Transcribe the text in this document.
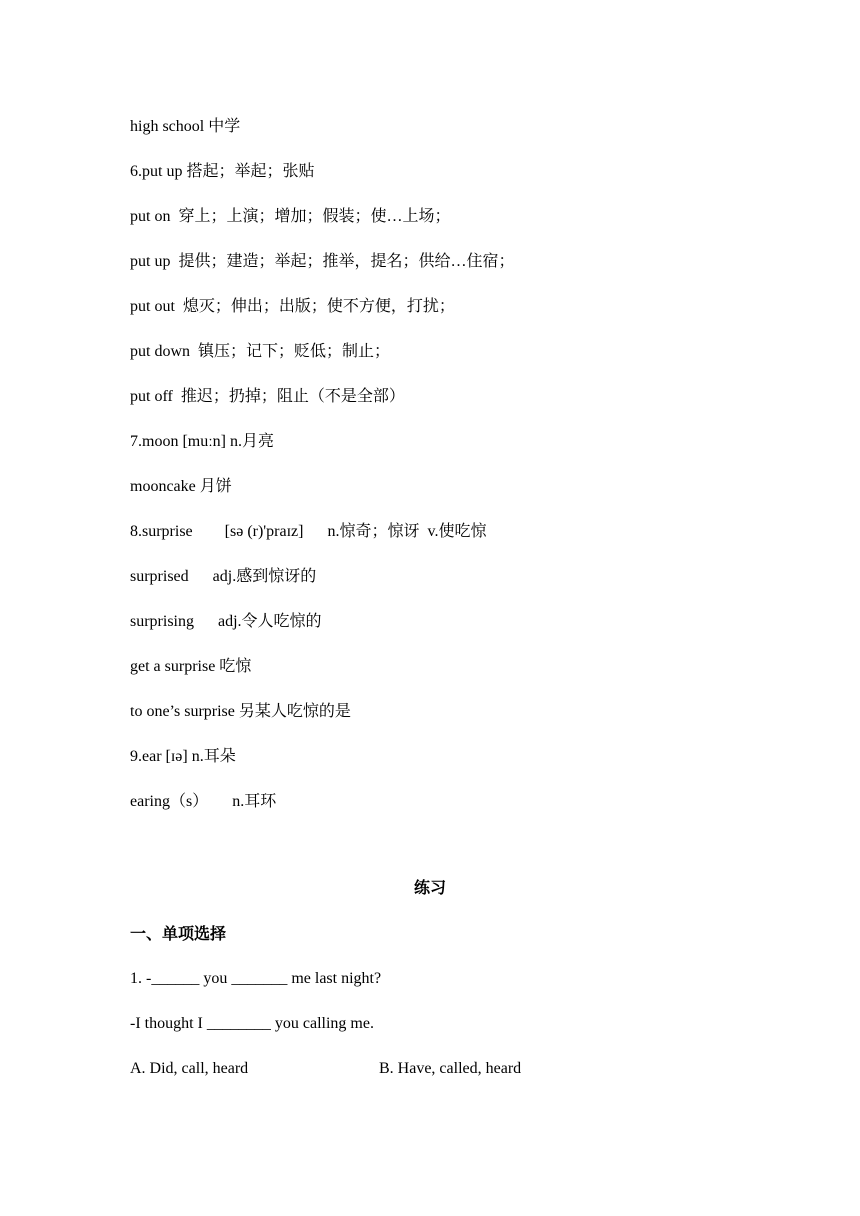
high school 中学
6.put up 搭起；举起；张贴
put on  穿上；上演；增加；假装；使…上场；
put up  提供；建造；举起；推举，提名；供给…住宿；
put out  熄灭；伸出；出版；使不方便，打扰；
put down  镇压；记下；贬低；制止；
put off  推迟；扔掉；阻止（不是全部）
7.moon [muːn] n.月亮
mooncake 月饼
8.surprise        [sə (r)'praɪz]      n.惊奇；惊讶  v.使吃惊
surprised      adj.感到惊讶的
surprising      adj.令人吃惊的
get a surprise 吃惊
to one’s surprise 另某人吃惊的是
9.ear [ɪə] n.耳朵
earing（s）      n.耳环
练习
一、单项选择
1. -______ you _______ me last night?
-I thought I ________ you calling me.
A. Did, call, heard	B. Have, called, heard
